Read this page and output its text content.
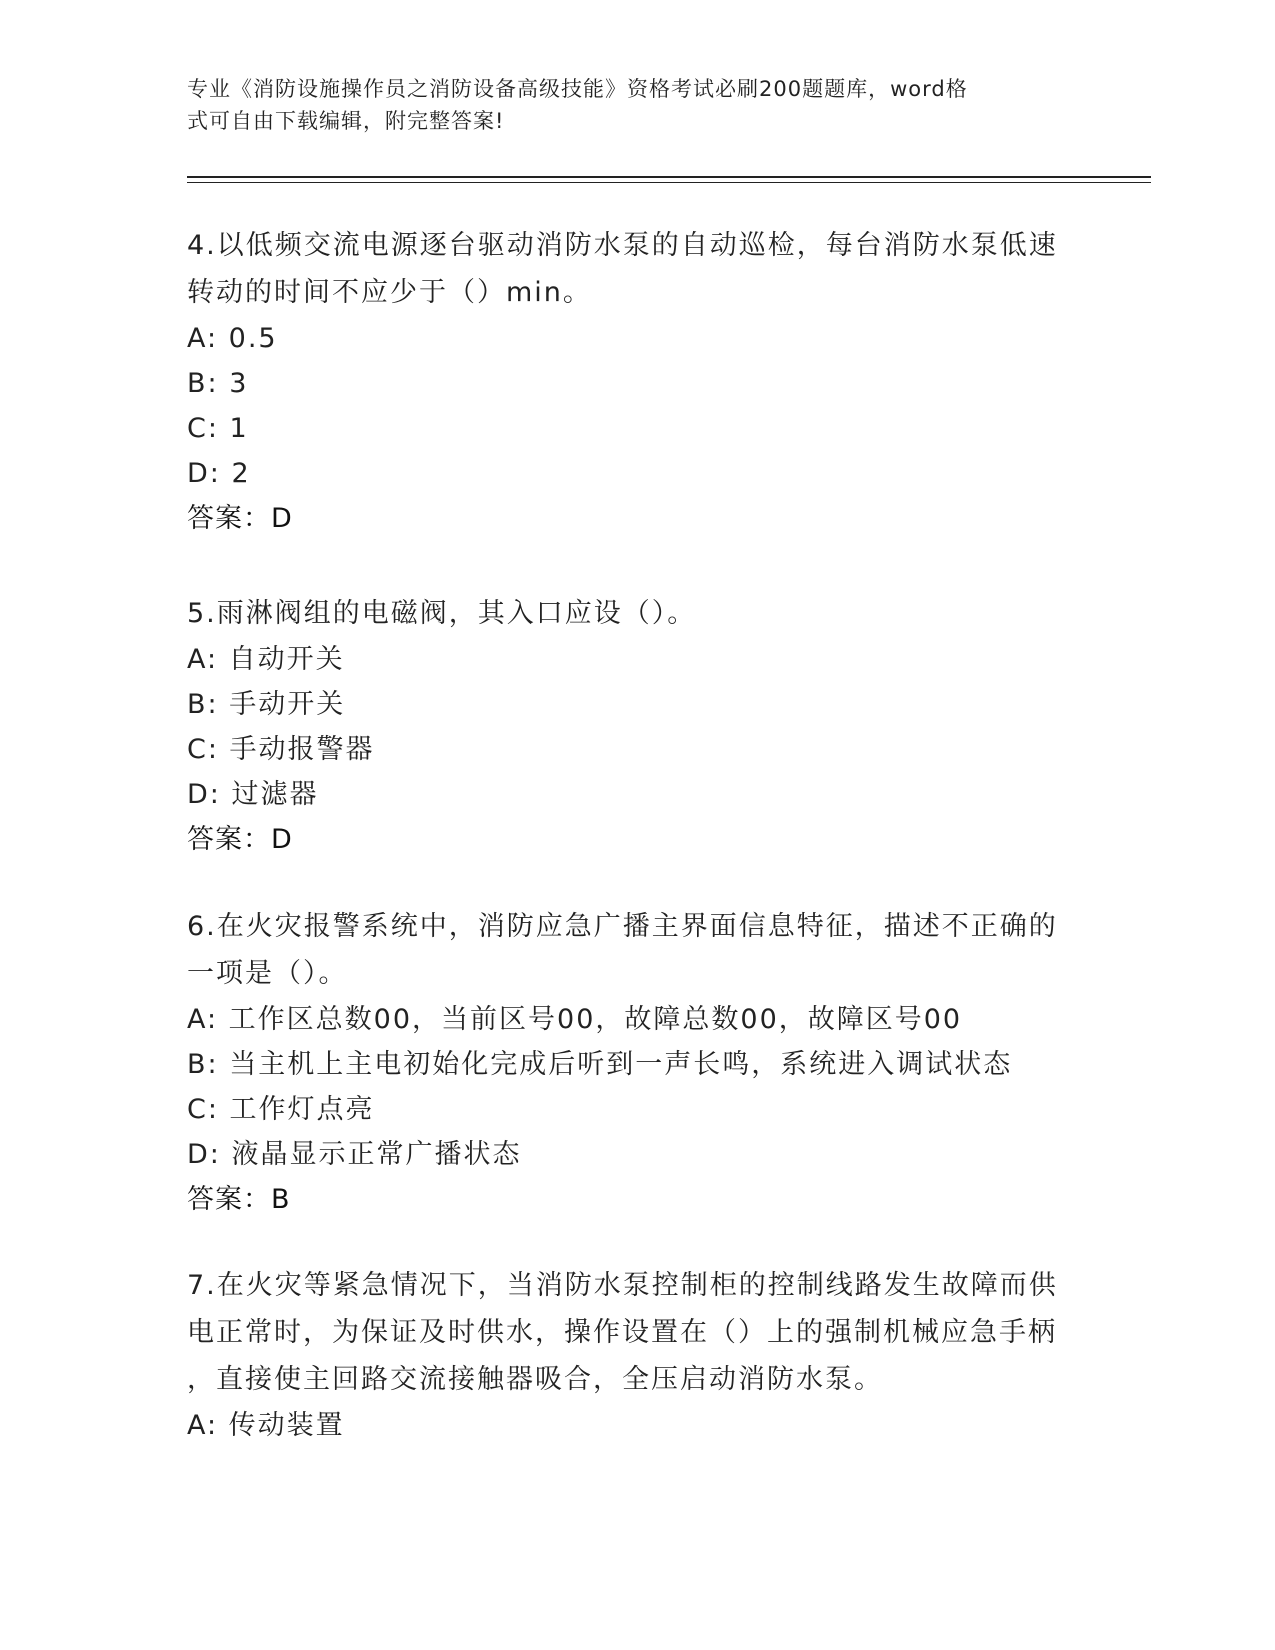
专业《消防设施操作员之消防设备高级技能》资格考试必刷200题题库，word格
式可自由下载编辑，附完整答案!
4.以低频交流电源逐台驱动消防水泵的自动巡检，每台消防水泵低速
转动的时间不应少于（）min。
A: 0.5
B: 3
C: 1
D: 2
答案：D
5.雨淋阀组的电磁阀，其入口应设（）。
A: 自动开关
B: 手动开关
C: 手动报警器
D: 过滤器
答案：D
6.在火灾报警系统中，消防应急广播主界面信息特征，描述不正确的
一项是（）。
A: 工作区总数00，当前区号00，故障总数00，故障区号00
B: 当主机上主电初始化完成后听到一声长鸣，系统进入调试状态
C: 工作灯点亮
D: 液晶显示正常广播状态
答案：B
7.在火灾等紧急情况下，当消防水泵控制柜的控制线路发生故障而供
电正常时，为保证及时供水，操作设置在（）上的强制机械应急手柄
，直接使主回路交流接触器吸合，全压启动消防水泵。
A: 传动装置
